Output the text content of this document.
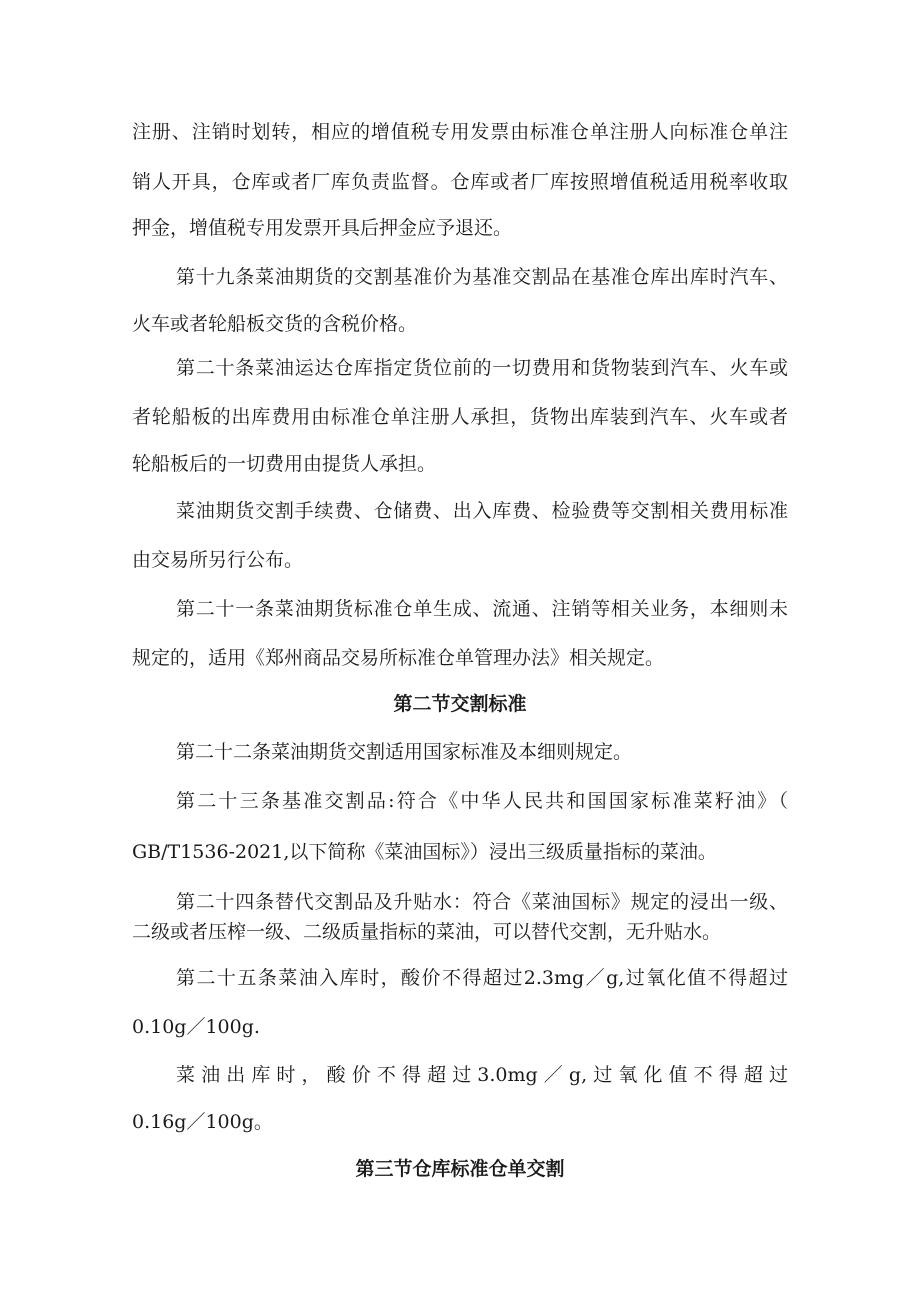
注册、注销时划转，相应的增值税专用发票由标准仓单注册人向标准仓单注
销人开具，仓库或者厂库负责监督。仓库或者厂库按照增值税适用税率收取
押金，增值税专用发票开具后押金应予退还。
第十九条菜油期货的交割基准价为基准交割品在基准仓库出库时汽车、
火车或者轮船板交货的含税价格。
第二十条菜油运达仓库指定货位前的一切费用和货物装到汽车、火车或
者轮船板的出库费用由标准仓单注册人承担，货物出库装到汽车、火车或者
轮船板后的一切费用由提货人承担。
菜油期货交割手续费、仓储费、出入库费、检验费等交割相关费用标准
由交易所另行公布。
第二十一条菜油期货标准仓单生成、流通、注销等相关业务，本细则未
规定的，适用《郑州商品交易所标准仓单管理办法》相关规定。
第二节交割标准
第二十二条菜油期货交割适用国家标准及本细则规定。
第二十三条基准交割品:符合《中华人民共和国国家标准菜籽油》（
GB/T1536-2021,以下简称《菜油国标》）浸出三级质量指标的菜油。
第二十四条替代交割品及升贴水：符合《菜油国标》规定的浸出一级、
二级或者压榨一级、二级质量指标的菜油，可以替代交割，无升贴水。
第二十五条菜油入库时，酸价不得超过2.3mg／g,过氧化值不得超过
0.10g／100g.
菜油出库时，酸价不得超过3.0mg／g,过氧化值不得超过
0.16g／100g。
第三节仓库标准仓单交割
